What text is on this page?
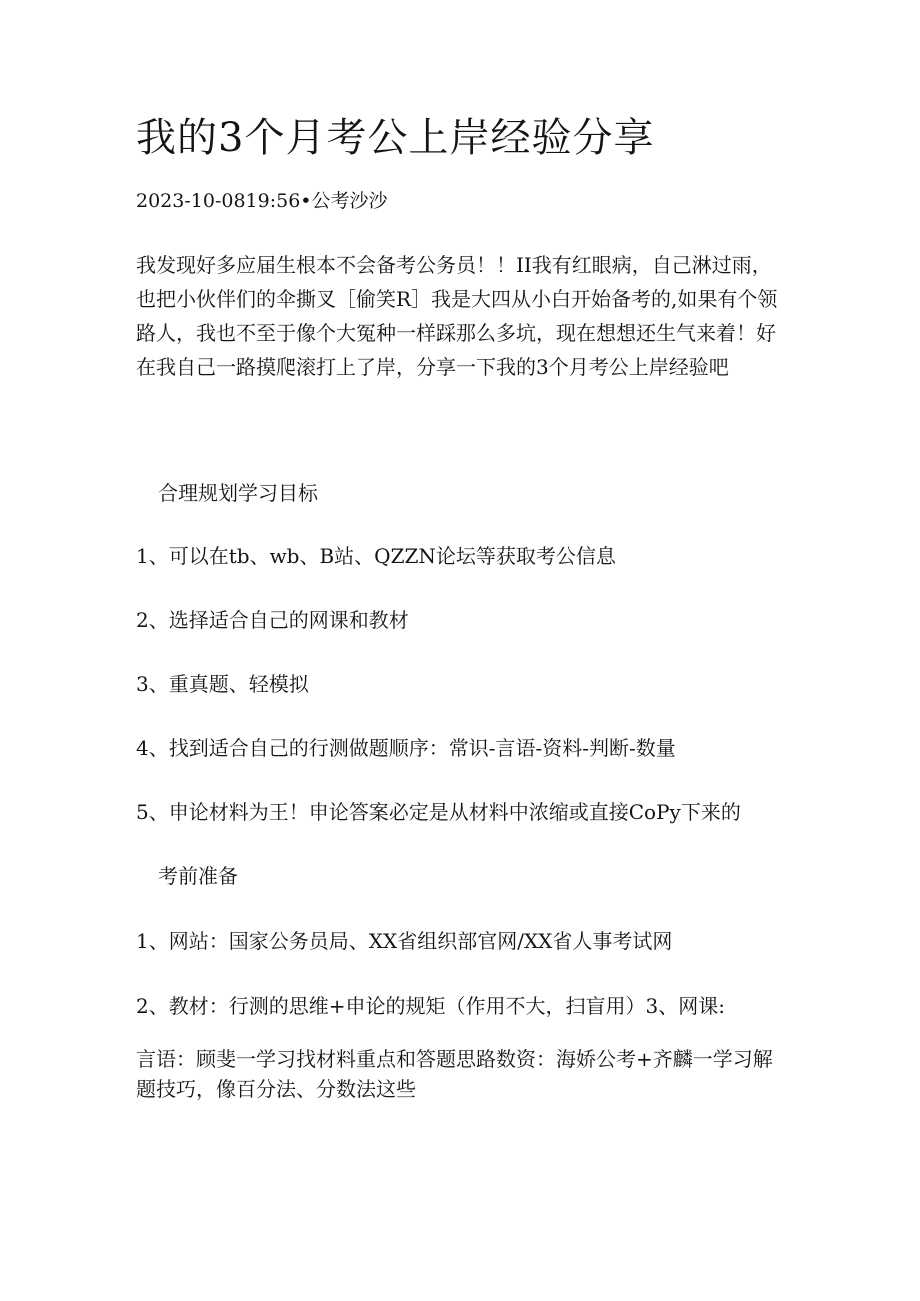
我的3个月考公上岸经验分享
2023-10-0819:56•公考沙沙

我发现好多应届生根本不会备考公务员！！II我有红眼病，自己淋过雨，也把小伙伴们的伞撕叉［偷笑R］我是大四从小白开始备考的,如果有个领路人，我也不至于像个大冤种一样踩那么多坑，现在想想还生气来着！好在我自己一路摸爬滚打上了岸，分享一下我的3个月考公上岸经验吧

合理规划学习目标

1、可以在tb、wb、B站、QZZN论坛等获取考公信息

2、选择适合自己的网课和教材

3、重真题、轻模拟

4、找到适合自己的行测做题顺序：常识-言语-资料-判断-数量

5、申论材料为王！申论答案必定是从材料中浓缩或直接CoPy下来的

考前准备

1、网站：国家公务员局、XX省组织部官网/XX省人事考试网

2、教材：行测的思维+申论的规矩（作用不大，扫盲用）3、网课:

言语：顾斐一学习找材料重点和答题思路数资：海娇公考+齐麟一学习解题技巧，像百分法、分数法这些
